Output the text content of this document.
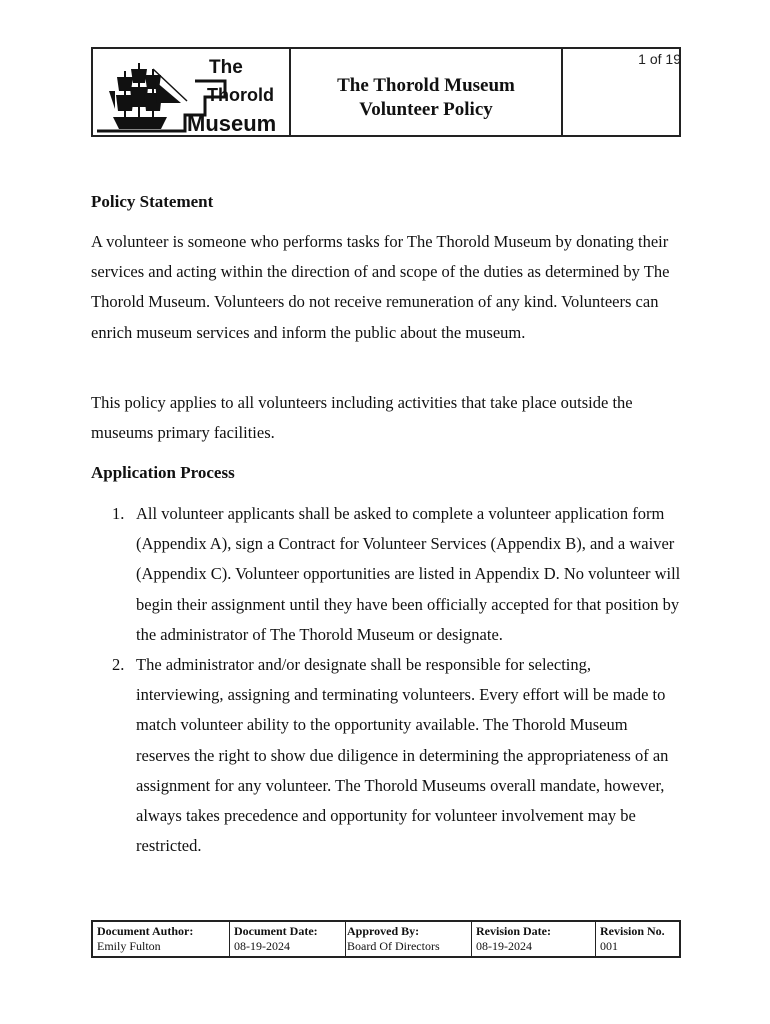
The
Thorold
Museum
The Thorold Museum
Volunteer Policy
1 of 19
Policy Statement

A volunteer is someone who performs tasks for The Thorold Museum by donating their services and acting within the direction of and scope of the duties as determined by The Thorold Museum. Volunteers do not receive remuneration of any kind. Volunteers can enrich museum services and inform the public about the museum.

This policy applies to all volunteers including activities that take place outside the museums primary facilities.

Application Process
1. All volunteer applicants shall be asked to complete a volunteer application form (Appendix A), sign a Contract for Volunteer Services (Appendix B), and a waiver (Appendix C). Volunteer opportunities are listed in Appendix D. No volunteer will begin their assignment until they have been officially accepted for that position by the administrator of The Thorold Museum or designate.
2. The administrator and/or designate shall be responsible for selecting, interviewing, assigning and terminating volunteers. Every effort will be made to match volunteer ability to the opportunity available. The Thorold Museum reserves the right to show due diligence in determining the appropriateness of an assignment for any volunteer. The Thorold Museums overall mandate, however, always takes precedence and opportunity for volunteer involvement may be restricted.
Document Author:
Emily Fulton
Document Date:
08-19-2024
Approved By:
Board Of Directors
Revision Date:
08-19-2024
Revision No.
001
